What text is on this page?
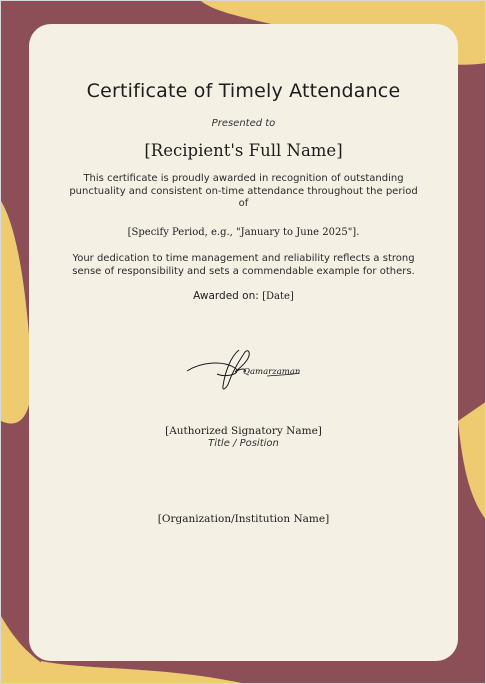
Certificate of Timely Attendance
Presented to
[Recipient's Full Name]
This certificate is proudly awarded in recognition of outstanding punctuality and consistent on-time attendance throughout the period of
[Specify Period, e.g., "January to June 2025"].
Your dedication to time management and reliability reflects a strong sense of responsibility and sets a commendable example for others.
Awarded on: [Date]
Qamarzaman
[Authorized Signatory Name]
Title / Position
[Organization/Institution Name]
